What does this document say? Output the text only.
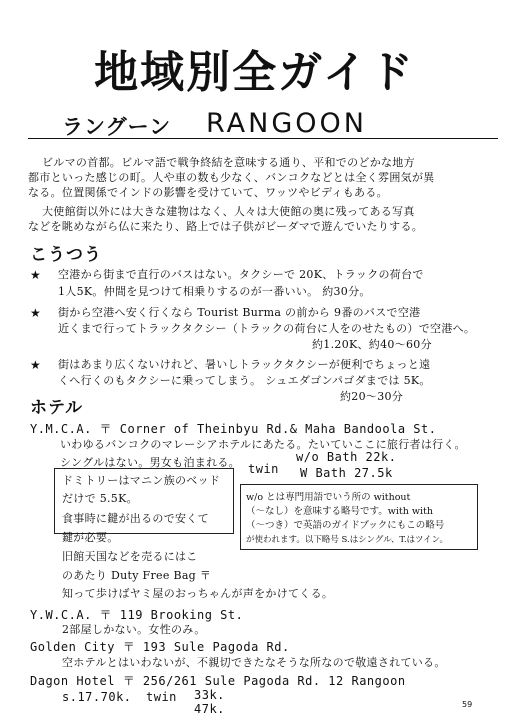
地域別全ガイド
ラングーン RANGOON
ビルマの首都。ビルマ語で戦争終結を意味する通り、平和でのどかな地方
都市といった感じの町。人や車の数も少なく、バンコクなどとは全く雰囲気が異
なる。位置関係でインドの影響を受けていて、ワッツやビディもある。
大使館街以外には大きな建物はなく、人々は大使館の奥に残ってある写真
などを眺めながら仏に来たり、路上では子供がビーダマで遊んでいたりする。
こうつう
★ 空港から街まで直行のバスはない。タクシーで 20K、トラックの荷台で
1人5K。仲間を見つけて相乗りするのが一番いい。 約30分。
★ 街から空港へ安く行くなら Tourist Burma の前から 9番のバスで空港
近くまで行ってトラックタクシー（トラックの荷台に人をのせたもの）で空港へ。
約1.20K、約40〜60分
★ 街はあまり広くないけれど、暑いしトラックタクシーが便利でちょっと遠
くへ行くのもタクシーに乗ってしまう。 シュエダゴンパゴダまでは 5K。
約20〜30分
ホテル
Y.M.C.A. 〒 Corner of Theinbyu Rd.& Maha Bandoola St.
いわゆるバンコクのマレーシアホテルにあたる。たいていここに旅行者は行く。
シングルはない。男女も泊まれる。
ドミトリーはマニン族のベッド
だけで 5.5K。
食事時に鍵が出るので安くて
鍵が必要。
旧館天国などを売るにはこ
のあたり Duty Free Bag 〒
twin
w/o Bath 22k.
W Bath 27.5k
w/o とは専門用語でいう所の without
（〜なし）を意味する略号です。with with
（〜つき）で英語のガイドブックにもこの略号
が使われます。以下略号 S.はシングル、T.はツイン。
知って歩けばヤミ屋のおっちゃんが声をかけてくる。
Y.W.C.A. 〒 119 Brooking St.
2部屋しかない。女性のみ。
Golden City 〒 193 Sule Pagoda Rd.
空ホテルとはいわないが、不親切できたなそうな所なので敬遠されている。
Dagon Hotel 〒 256/261 Sule Pagoda Rd. 12 Rangoon
s.17.70k. twin 33k.
47k.	59
